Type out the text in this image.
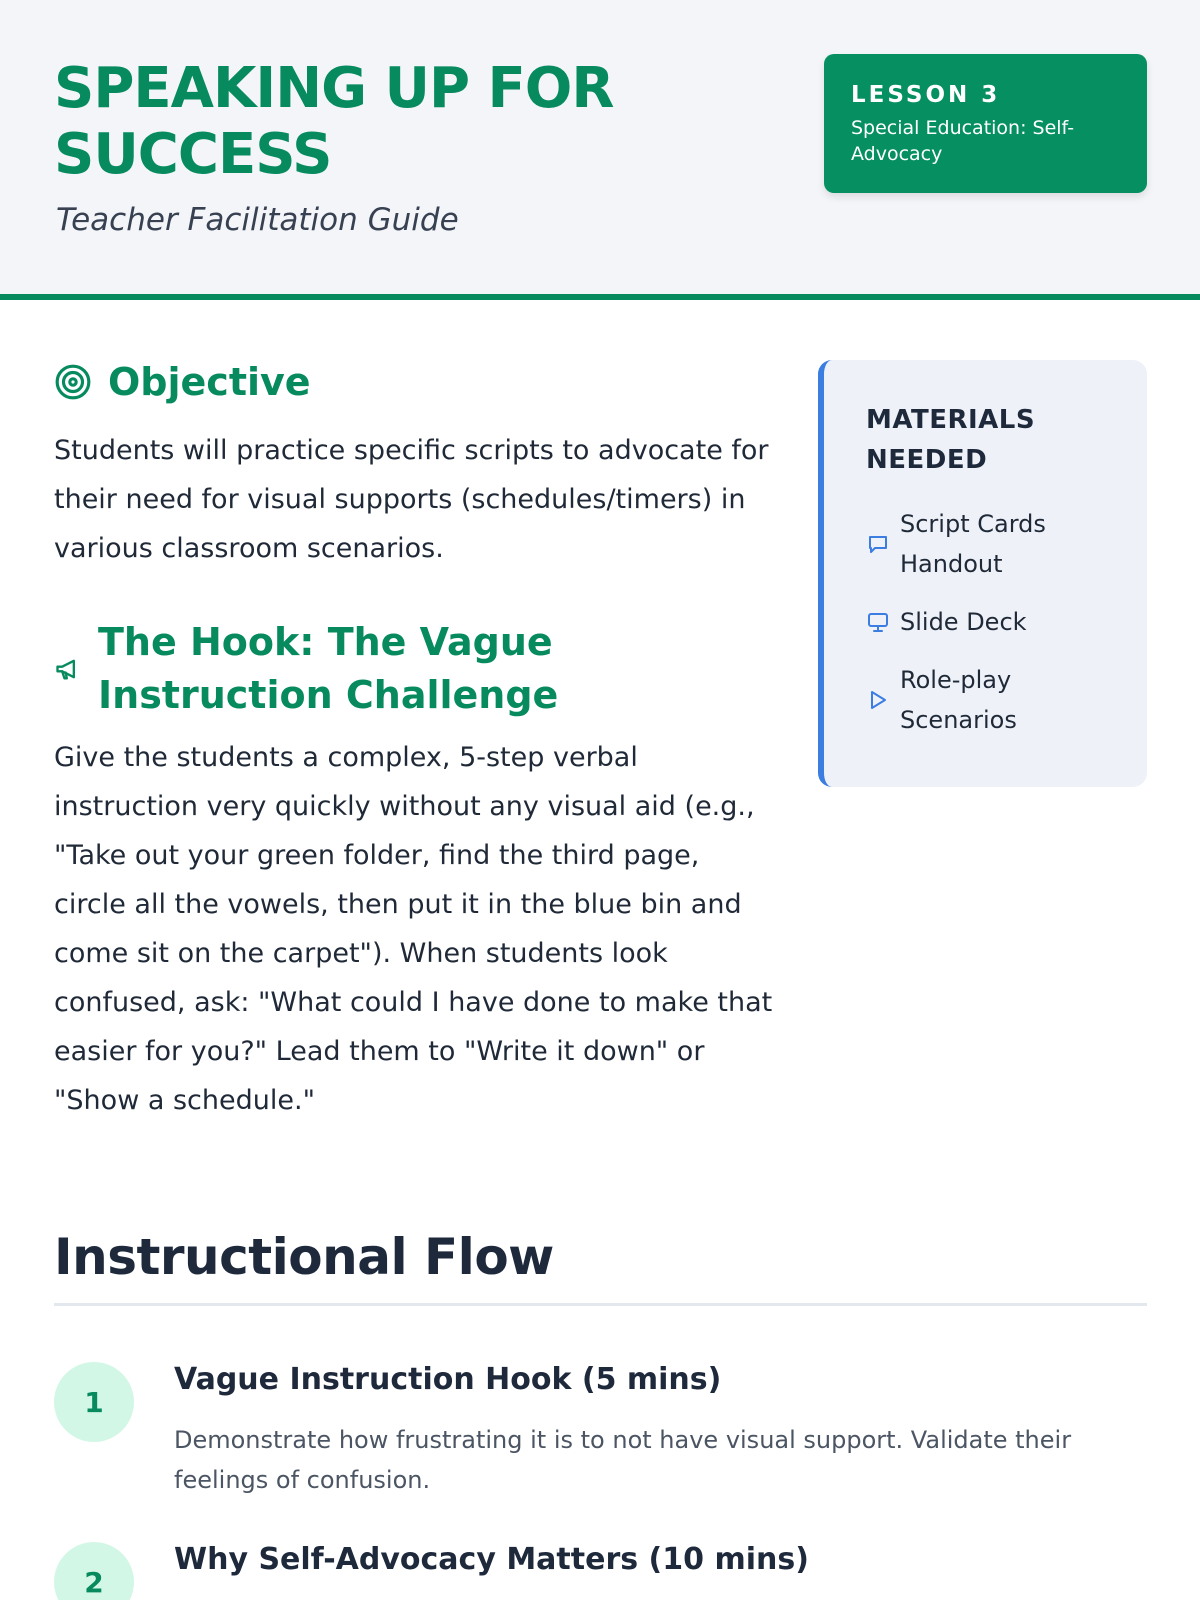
SPEAKING UP FOR SUCCESS
Teacher Facilitation Guide
LESSON 3
Special Education: Self-Advocacy
Objective

Students will practice specific scripts to advocate for their need for visual supports (schedules/timers) in various classroom scenarios.

The Hook: The Vague Instruction Challenge

Give the students a complex, 5-step verbal instruction very quickly without any visual aid (e.g., "Take out your green folder, find the third page, circle all the vowels, then put it in the blue bin and come sit on the carpet"). When students look confused, ask: "What could I have done to make that easier for you?" Lead them to "Write it down" or "Show a schedule."

MATERIALS NEEDED
Script Cards Handout
Slide Deck
Role-play Scenarios
Instructional Flow
1
Vague Instruction Hook (5 mins)
Demonstrate how frustrating it is to not have visual support. Validate their feelings of confusion.
2
Why Self-Advocacy Matters (10 mins)
